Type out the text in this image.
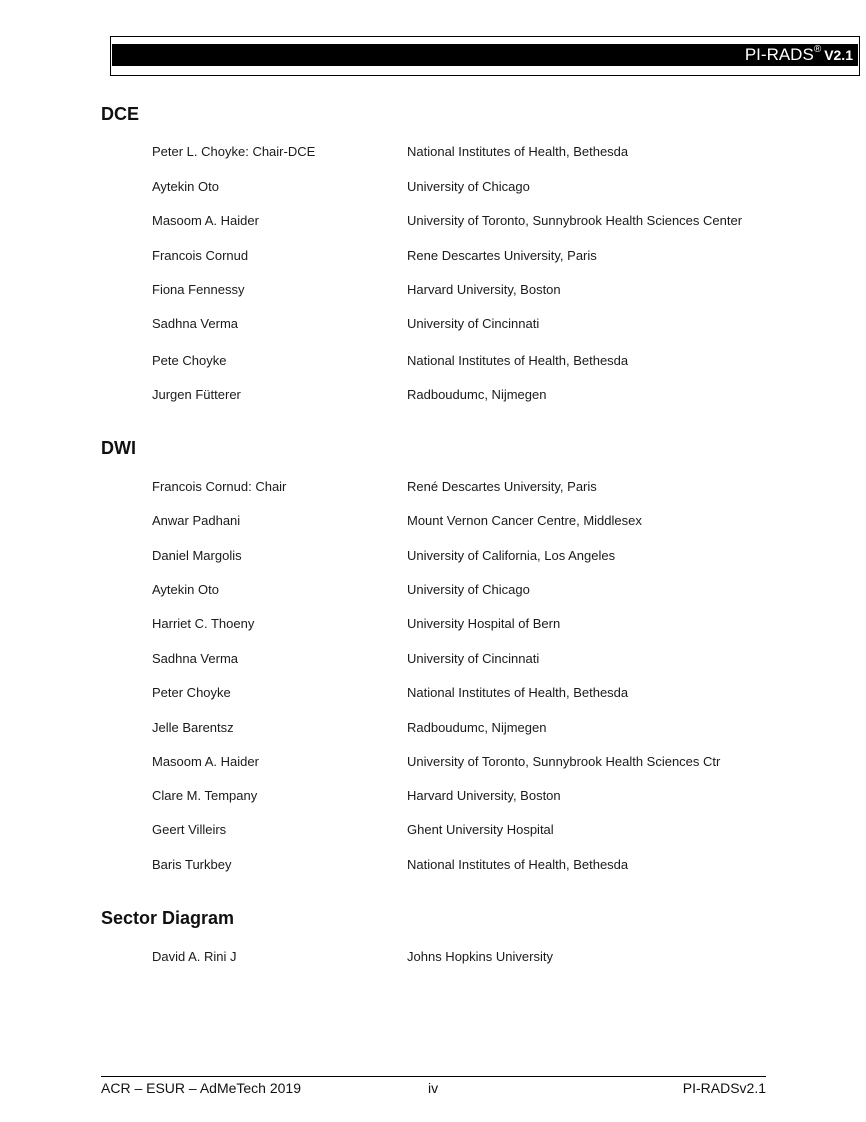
PI-RADS® V2.1
DCE
Peter L. Choyke: Chair-DCE	National Institutes of Health, Bethesda
Aytekin Oto	University of Chicago
Masoom A. Haider	University of Toronto, Sunnybrook Health Sciences Center
Francois Cornud	Rene Descartes University, Paris
Fiona Fennessy	Harvard University, Boston
Sadhna Verma	University of Cincinnati
Pete Choyke	National Institutes of Health, Bethesda
Jurgen Fütterer	Radboudumc, Nijmegen
DWI
Francois Cornud: Chair	René Descartes University, Paris
Anwar Padhani	Mount Vernon Cancer Centre, Middlesex
Daniel Margolis	University of California, Los Angeles
Aytekin Oto	University of Chicago
Harriet C. Thoeny	University Hospital of Bern
Sadhna Verma	University of Cincinnati
Peter Choyke	National Institutes of Health, Bethesda
Jelle Barentsz	Radboudumc, Nijmegen
Masoom A. Haider	University of Toronto, Sunnybrook Health Sciences Ctr
Clare M. Tempany	Harvard University, Boston
Geert Villeirs	Ghent University Hospital
Baris Turkbey	National Institutes of Health, Bethesda
Sector Diagram
David A. Rini J	Johns Hopkins University
ACR – ESUR – AdMeTech 2019	iv	PI-RADSv2.1
